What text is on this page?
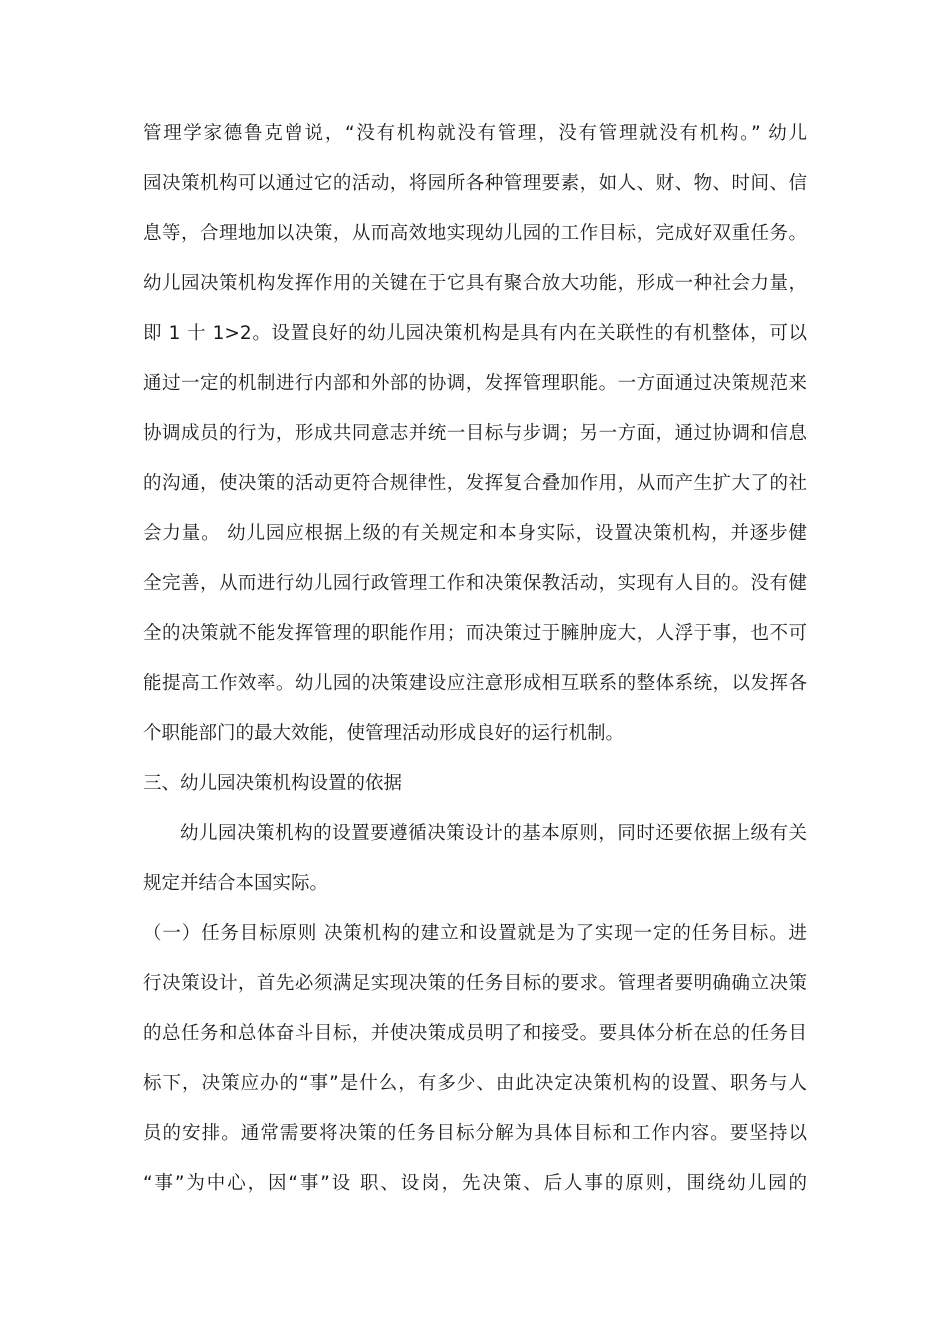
管理学家德鲁克曾说，“没有机构就没有管理，没有管理就没有机构。” 幼儿
园决策机构可以通过它的活动，将园所各种管理要素，如人、财、物、时间、信
息等，合理地加以决策，从而高效地实现幼儿园的工作目标，完成好双重任务。
幼儿园决策机构发挥作用的关键在于它具有聚合放大功能，形成一种社会力量，
即 1 十 1>2。设置良好的幼儿园决策机构是具有内在关联性的有机整体，可以
通过一定的机制进行内部和外部的协调，发挥管理职能。一方面通过决策规范来
协调成员的行为，形成共同意志并统一目标与步调；另一方面，通过协调和信息
的沟通，使决策的活动更符合规律性，发挥复合叠加作用，从而产生扩大了的社
会力量。 幼儿园应根据上级的有关规定和本身实际，设置决策机构，并逐步健
全完善，从而进行幼儿园行政管理工作和决策保教活动，实现有人目的。没有健
全的决策就不能发挥管理的职能作用；而决策过于臃肿庞大，人浮于事，也不可
能提高工作效率。幼儿园的决策建设应注意形成相互联系的整体系统，以发挥各
个职能部门的最大效能，使管理活动形成良好的运行机制。
三、幼儿园决策机构设置的依据
幼儿园决策机构的设置要遵循决策设计的基本原则，同时还要依据上级有关
规定并结合本国实际。
（一）任务目标原则 决策机构的建立和设置就是为了实现一定的任务目标。进
行决策设计，首先必须满足实现决策的任务目标的要求。管理者要明确确立决策
的总任务和总体奋斗目标，并使决策成员明了和接受。要具体分析在总的任务目
标下，决策应办的“事”是什么，有多少、由此决定决策机构的设置、职务与人
员的安排。通常需要将决策的任务目标分解为具体目标和工作内容。要坚持以
“事”为中心，因“事”设 职、设岗，先决策、后人事的原则，围绕幼儿园的
